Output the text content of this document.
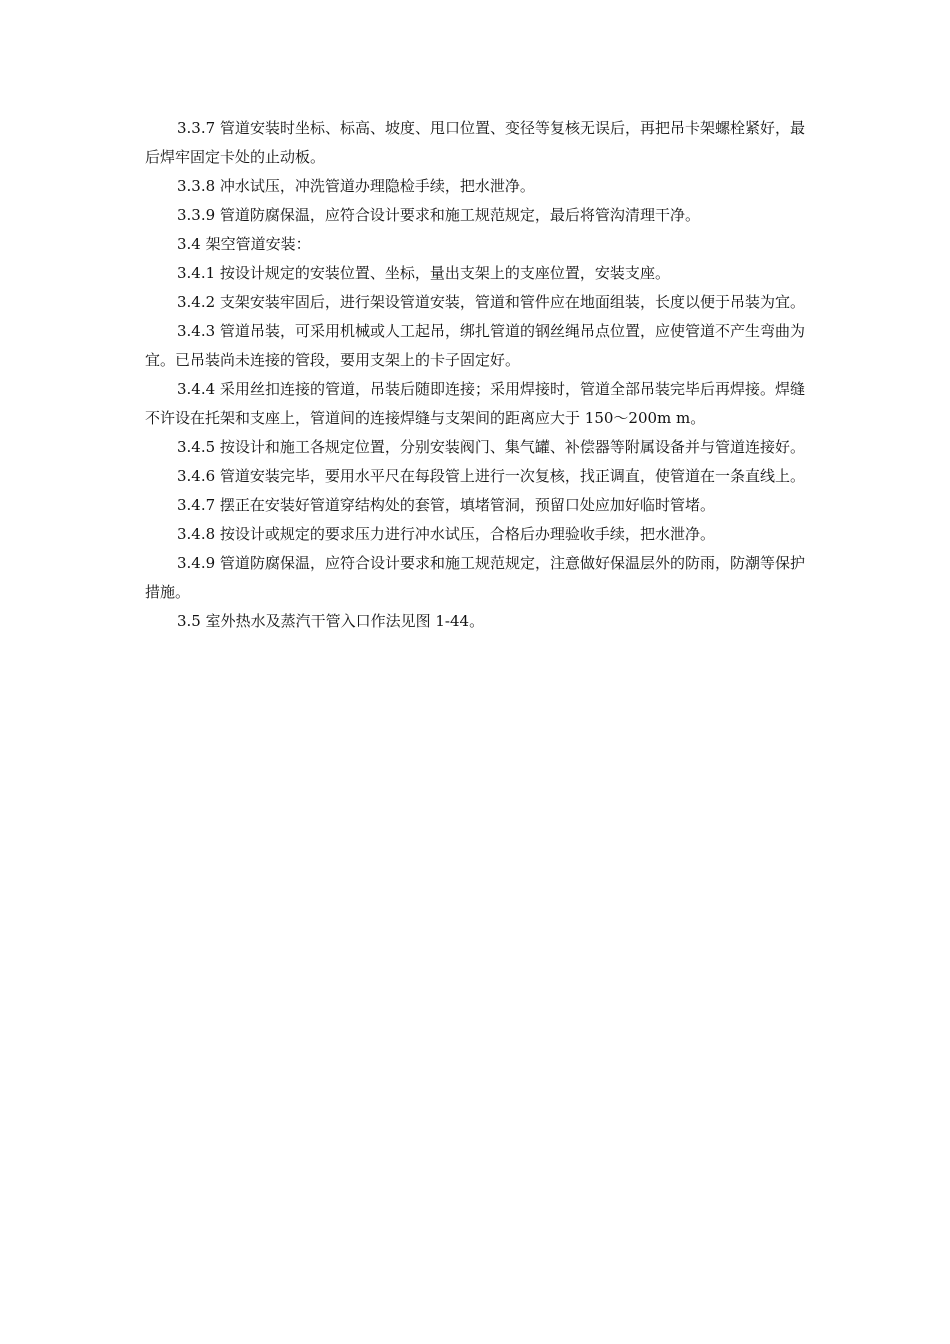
3.3.7 管道安装时坐标、标高、坡度、甩口位置、变径等复核无误后，再把吊卡架螺栓紧好，最后焊牢固定卡处的止动板。

3.3.8 冲水试压，冲洗管道办理隐检手续，把水泄净。

3.3.9 管道防腐保温，应符合设计要求和施工规范规定，最后将管沟清理干净。

3.4 架空管道安装：

3.4.1 按设计规定的安装位置、坐标，量出支架上的支座位置，安装支座。

3.4.2 支架安装牢固后，进行架设管道安装，管道和管件应在地面组装，长度以便于吊装为宜。

3.4.3 管道吊装，可采用机械或人工起吊，绑扎管道的钢丝绳吊点位置，应使管道不产生弯曲为宜。已吊装尚未连接的管段，要用支架上的卡子固定好。

3.4.4 采用丝扣连接的管道，吊装后随即连接；采用焊接时，管道全部吊装完毕后再焊接。焊缝不许设在托架和支座上，管道间的连接焊缝与支架间的距离应大于 150～200m m。

3.4.5 按设计和施工各规定位置，分别安装阀门、集气罐、补偿器等附属设备并与管道连接好。

3.4.6 管道安装完毕，要用水平尺在每段管上进行一次复核，找正调直，使管道在一条直线上。

3.4.7 摆正在安装好管道穿结构处的套管，填堵管洞，预留口处应加好临时管堵。

3.4.8 按设计或规定的要求压力进行冲水试压，合格后办理验收手续，把水泄净。

3.4.9 管道防腐保温，应符合设计要求和施工规范规定，注意做好保温层外的防雨，防潮等保护措施。

3.5 室外热水及蒸汽干管入口作法见图 1-44。
